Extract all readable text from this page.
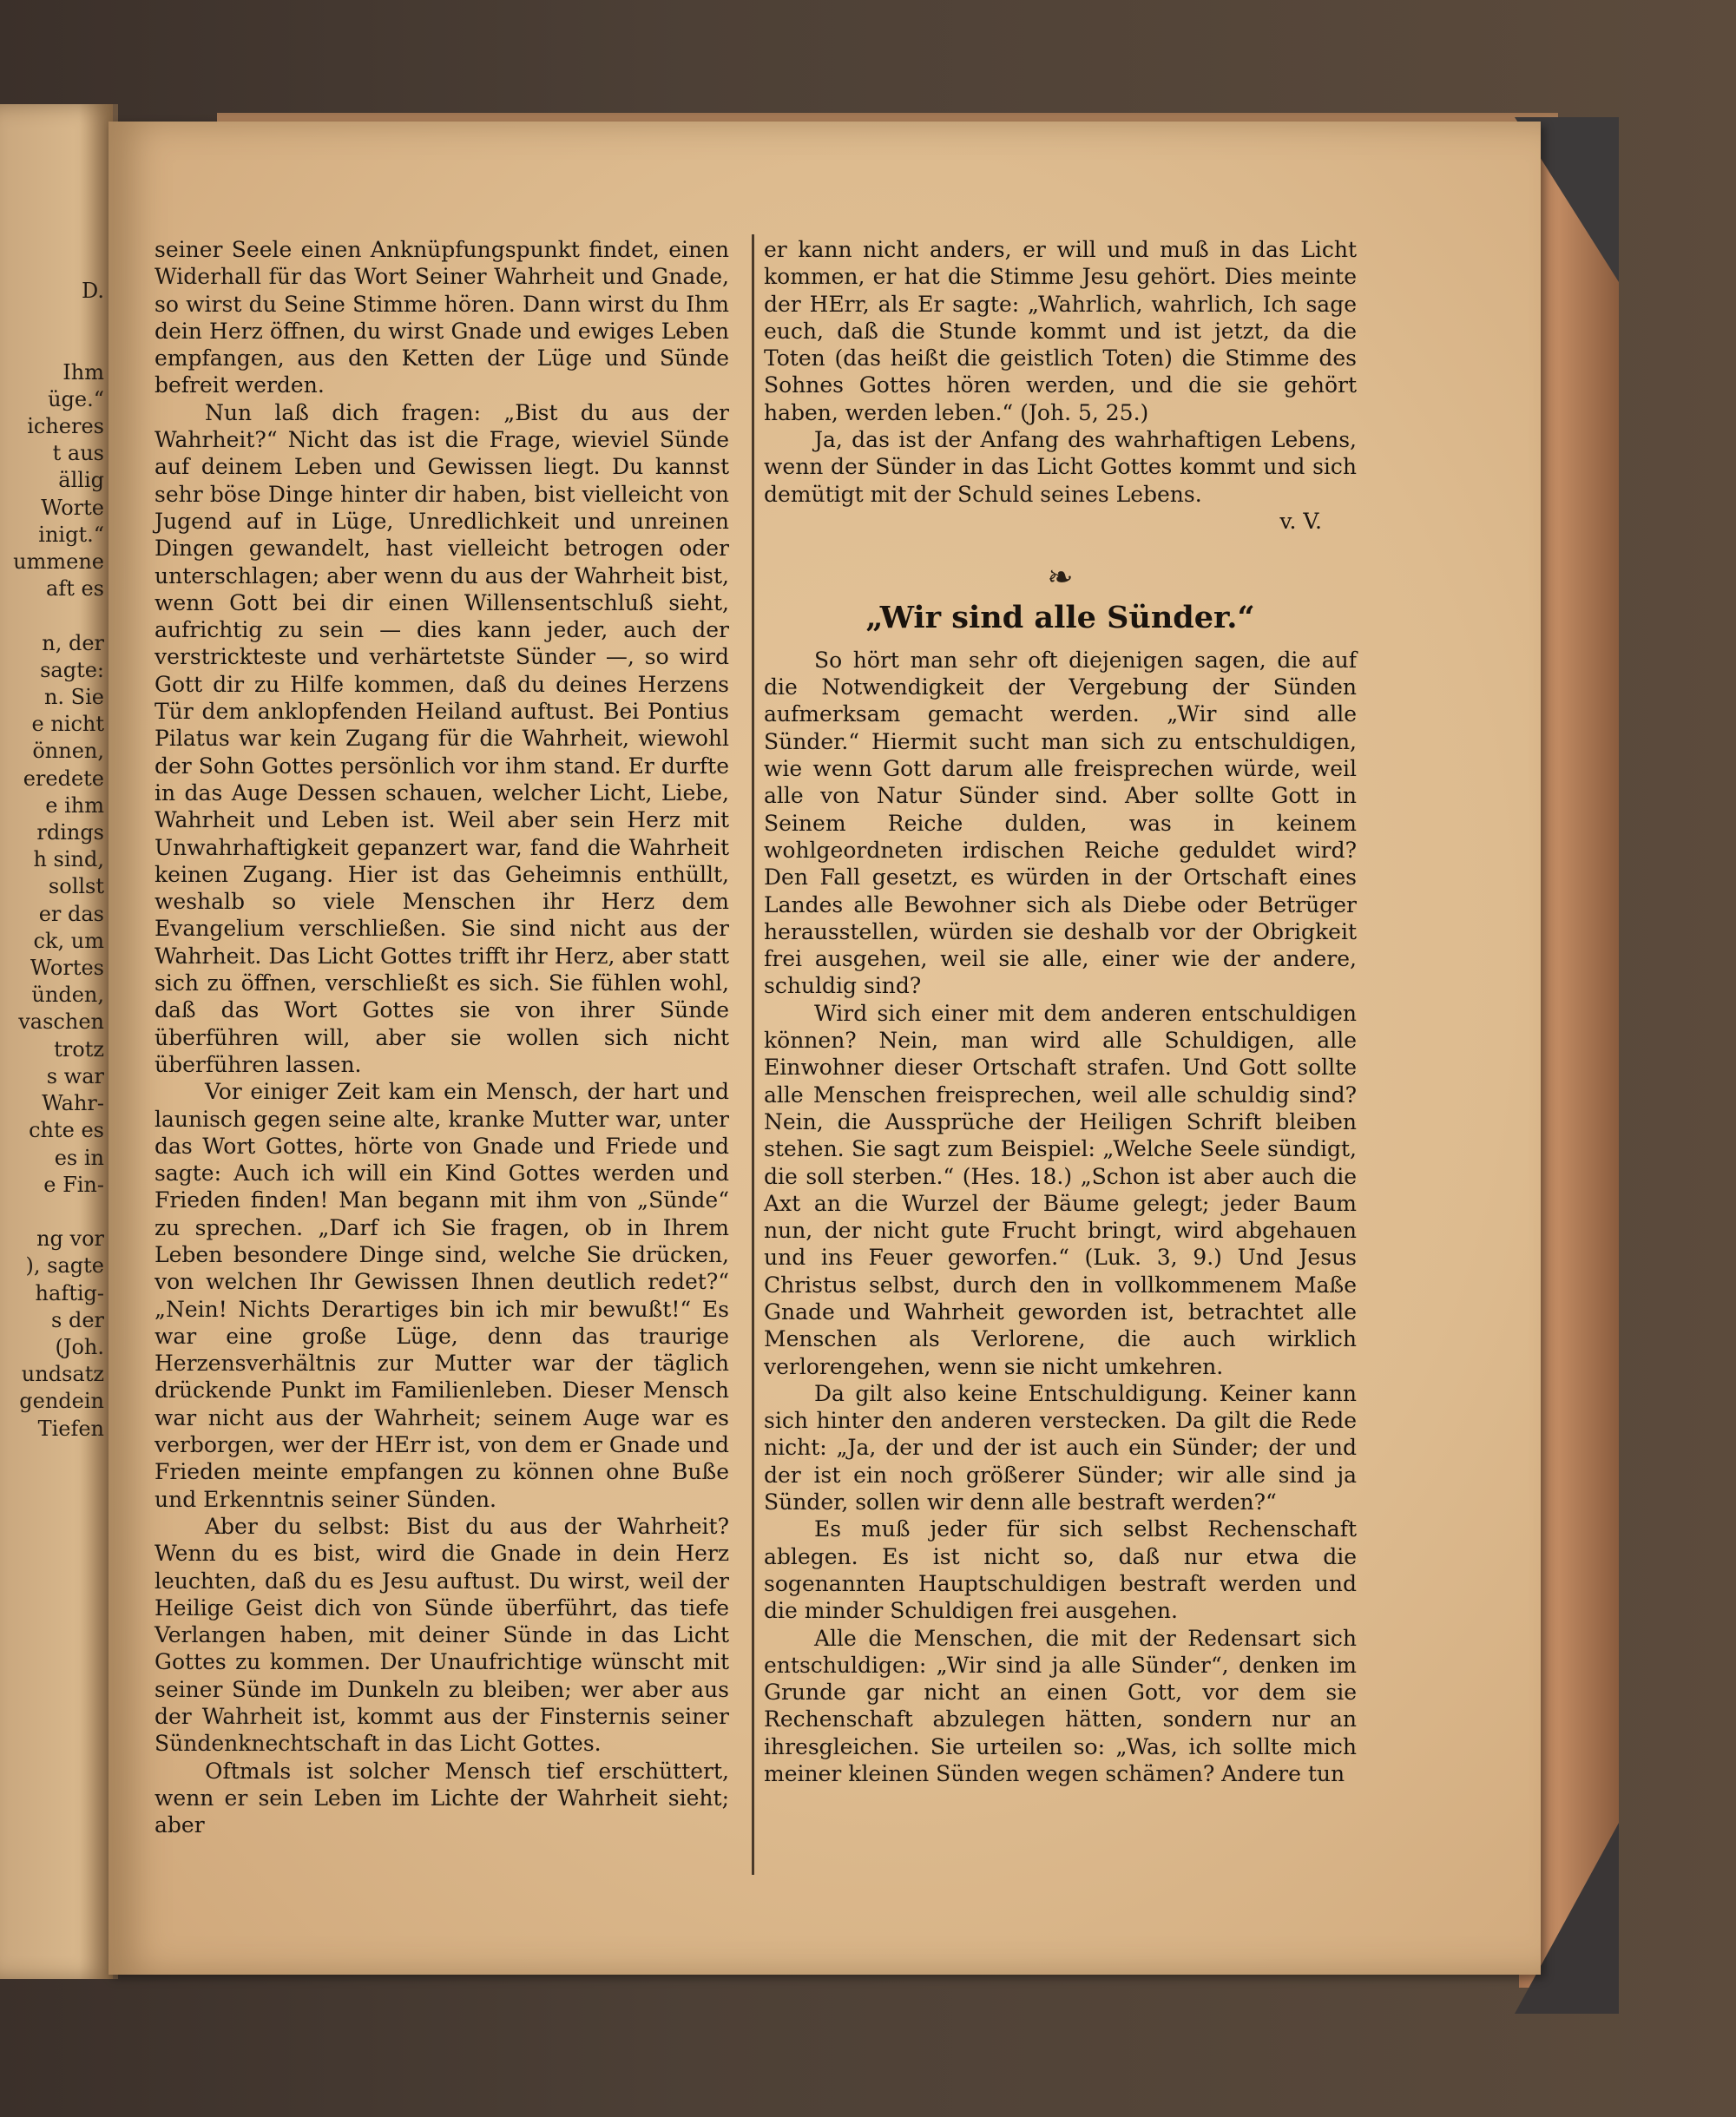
D.

Ihm
üge.“
icheres
t aus
ällig
Worte
inigt.“
ummene
aft es

n, der
sagte:
n. Sie
e nicht
önnen,
eredete
e ihm
rdings
h sind,
sollst
er das
ck, um
Wortes
ünden,
vaschen
trotz
s war
Wahr-
chte es
es in
e Fin-

ng vor
), sagte
haftig-
s der
(Joh.
undsatz
gendein
Tiefen

seiner Seele einen Anknüpfungspunkt findet, einen Widerhall für das Wort Seiner Wahrheit und Gnade, so wirst du Seine Stimme hören. Dann wirst du Ihm dein Herz öffnen, du wirst Gnade und ewiges Leben empfangen, aus den Ketten der Lüge und Sünde befreit werden.

Nun laß dich fragen: „Bist du aus der Wahrheit?“ Nicht das ist die Frage, wieviel Sünde auf deinem Leben und Gewissen liegt. Du kannst sehr böse Dinge hinter dir haben, bist vielleicht von Jugend auf in Lüge, Unredlichkeit und unreinen Dingen gewandelt, hast vielleicht betrogen oder unterschlagen; aber wenn du aus der Wahrheit bist, wenn Gott bei dir einen Willensentschluß sieht, aufrichtig zu sein — dies kann jeder, auch der verstrickteste und verhärtetste Sünder —, so wird Gott dir zu Hilfe kommen, daß du deines Herzens Tür dem anklopfenden Heiland auftust. Bei Pontius Pilatus war kein Zugang für die Wahrheit, wiewohl der Sohn Gottes persönlich vor ihm stand. Er durfte in das Auge Dessen schauen, welcher Licht, Liebe, Wahrheit und Leben ist. Weil aber sein Herz mit Unwahrhaftigkeit gepanzert war, fand die Wahrheit keinen Zugang. Hier ist das Geheimnis enthüllt, weshalb so viele Menschen ihr Herz dem Evangelium verschließen. Sie sind nicht aus der Wahrheit. Das Licht Gottes trifft ihr Herz, aber statt sich zu öffnen, verschließt es sich. Sie fühlen wohl, daß das Wort Gottes sie von ihrer Sünde überführen will, aber sie wollen sich nicht überführen lassen.

Vor einiger Zeit kam ein Mensch, der hart und launisch gegen seine alte, kranke Mutter war, unter das Wort Gottes, hörte von Gnade und Friede und sagte: Auch ich will ein Kind Gottes werden und Frieden finden! Man begann mit ihm von „Sünde“ zu sprechen. „Darf ich Sie fragen, ob in Ihrem Leben besondere Dinge sind, welche Sie drücken, von welchen Ihr Gewissen Ihnen deutlich redet?“ „Nein! Nichts Derartiges bin ich mir bewußt!“ Es war eine große Lüge, denn das traurige Herzensverhältnis zur Mutter war der täglich drückende Punkt im Familienleben. Dieser Mensch war nicht aus der Wahrheit; seinem Auge war es verborgen, wer der HErr ist, von dem er Gnade und Frieden meinte empfangen zu können ohne Buße und Erkenntnis seiner Sünden.

Aber du selbst: Bist du aus der Wahrheit? Wenn du es bist, wird die Gnade in dein Herz leuchten, daß du es Jesu auftust. Du wirst, weil der Heilige Geist dich von Sünde überführt, das tiefe Verlangen haben, mit deiner Sünde in das Licht Gottes zu kommen. Der Unaufrichtige wünscht mit seiner Sünde im Dunkeln zu bleiben; wer aber aus der Wahrheit ist, kommt aus der Finsternis seiner Sündenknechtschaft in das Licht Gottes.

Oftmals ist solcher Mensch tief erschüttert, wenn er sein Leben im Lichte der Wahrheit sieht; aber

er kann nicht anders, er will und muß in das Licht kommen, er hat die Stimme Jesu gehört. Dies meinte der HErr, als Er sagte: „Wahrlich, wahrlich, Ich sage euch, daß die Stunde kommt und ist jetzt, da die Toten (das heißt die geistlich Toten) die Stimme des Sohnes Gottes hören werden, und die sie gehört haben, werden leben.“ (Joh. 5, 25.)

Ja, das ist der Anfang des wahrhaftigen Lebens, wenn der Sünder in das Licht Gottes kommt und sich demütigt mit der Schuld seines Lebens.

v. V.

❧
„Wir sind alle Sünder.“

So hört man sehr oft diejenigen sagen, die auf die Notwendigkeit der Vergebung der Sünden aufmerksam gemacht werden. „Wir sind alle Sünder.“ Hiermit sucht man sich zu entschuldigen, wie wenn Gott darum alle freisprechen würde, weil alle von Natur Sünder sind. Aber sollte Gott in Seinem Reiche dulden, was in keinem wohlgeordneten irdischen Reiche geduldet wird? Den Fall gesetzt, es würden in der Ortschaft eines Landes alle Bewohner sich als Diebe oder Betrüger herausstellen, würden sie deshalb vor der Obrigkeit frei ausgehen, weil sie alle, einer wie der andere, schuldig sind?

Wird sich einer mit dem anderen entschuldigen können? Nein, man wird alle Schuldigen, alle Einwohner dieser Ortschaft strafen. Und Gott sollte alle Menschen freisprechen, weil alle schuldig sind? Nein, die Aussprüche der Heiligen Schrift bleiben stehen. Sie sagt zum Beispiel: „Welche Seele sündigt, die soll sterben.“ (Hes. 18.) „Schon ist aber auch die Axt an die Wurzel der Bäume gelegt; jeder Baum nun, der nicht gute Frucht bringt, wird abgehauen und ins Feuer geworfen.“ (Luk. 3, 9.) Und Jesus Christus selbst, durch den in vollkommenem Maße Gnade und Wahrheit geworden ist, betrachtet alle Menschen als Verlorene, die auch wirklich verlorengehen, wenn sie nicht umkehren.

Da gilt also keine Entschuldigung. Keiner kann sich hinter den anderen verstecken. Da gilt die Rede nicht: „Ja, der und der ist auch ein Sünder; der und der ist ein noch größerer Sünder; wir alle sind ja Sünder, sollen wir denn alle bestraft werden?“

Es muß jeder für sich selbst Rechenschaft ablegen. Es ist nicht so, daß nur etwa die sogenannten Hauptschuldigen bestraft werden und die minder Schuldigen frei ausgehen.

Alle die Menschen, die mit der Redensart sich entschuldigen: „Wir sind ja alle Sünder“, denken im Grunde gar nicht an einen Gott, vor dem sie Rechenschaft abzulegen hätten, sondern nur an ihresgleichen. Sie urteilen so: „Was, ich sollte mich meiner kleinen Sünden wegen schämen? Andere tun
